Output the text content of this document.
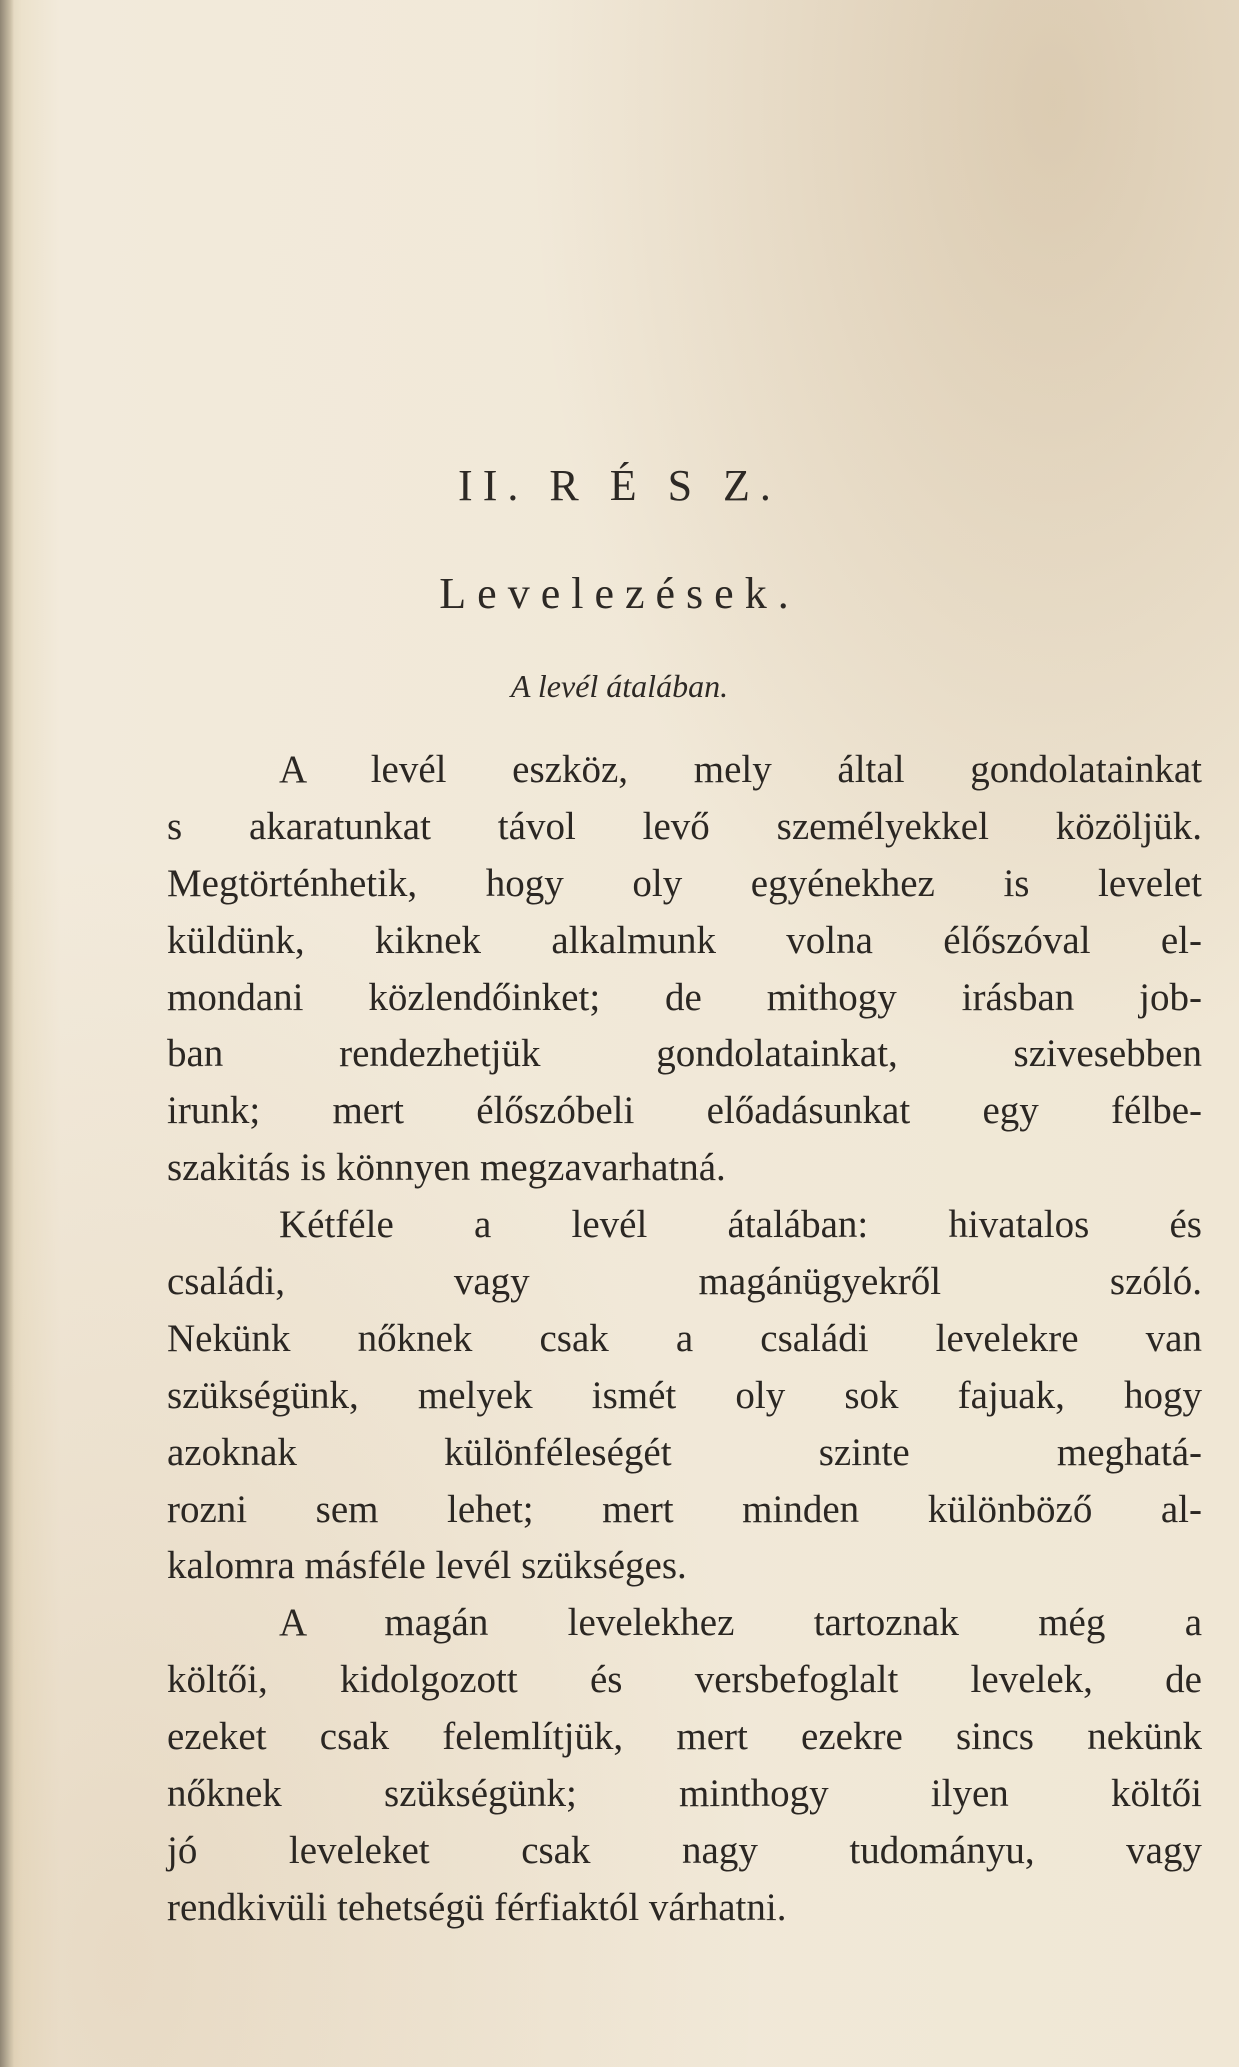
II. R É S Z.
Levelezések.
A levél átalában.
A levél eszköz, mely által gondolatainkat
s akaratunkat távol levő személyekkel közöljük.
Megtörténhetik, hogy oly egyénekhez is levelet
küldünk, kiknek alkalmunk volna élőszóval el-
mondani közlendőinket; de mithogy irásban job-
ban rendezhetjük gondolatainkat, szivesebben
irunk; mert élőszóbeli előadásunkat egy félbe-
szakitás is könnyen megzavarhatná.
Kétféle a levél átalában: hivatalos és
családi, vagy magánügyekről szóló.
Nekünk nőknek csak a családi levelekre van
szükségünk, melyek ismét oly sok fajuak, hogy
azoknak különféleségét szinte meghatá-
rozni sem lehet; mert minden különböző al-
kalomra másféle levél szükséges.
A magán levelekhez tartoznak még a
költői, kidolgozott és versbefoglalt levelek, de
ezeket csak felemlítjük, mert ezekre sincs nekünk
nőknek szükségünk; minthogy ilyen költői
jó leveleket csak nagy tudományu, vagy
rendkivüli tehetségü férfiaktól várhatni.
